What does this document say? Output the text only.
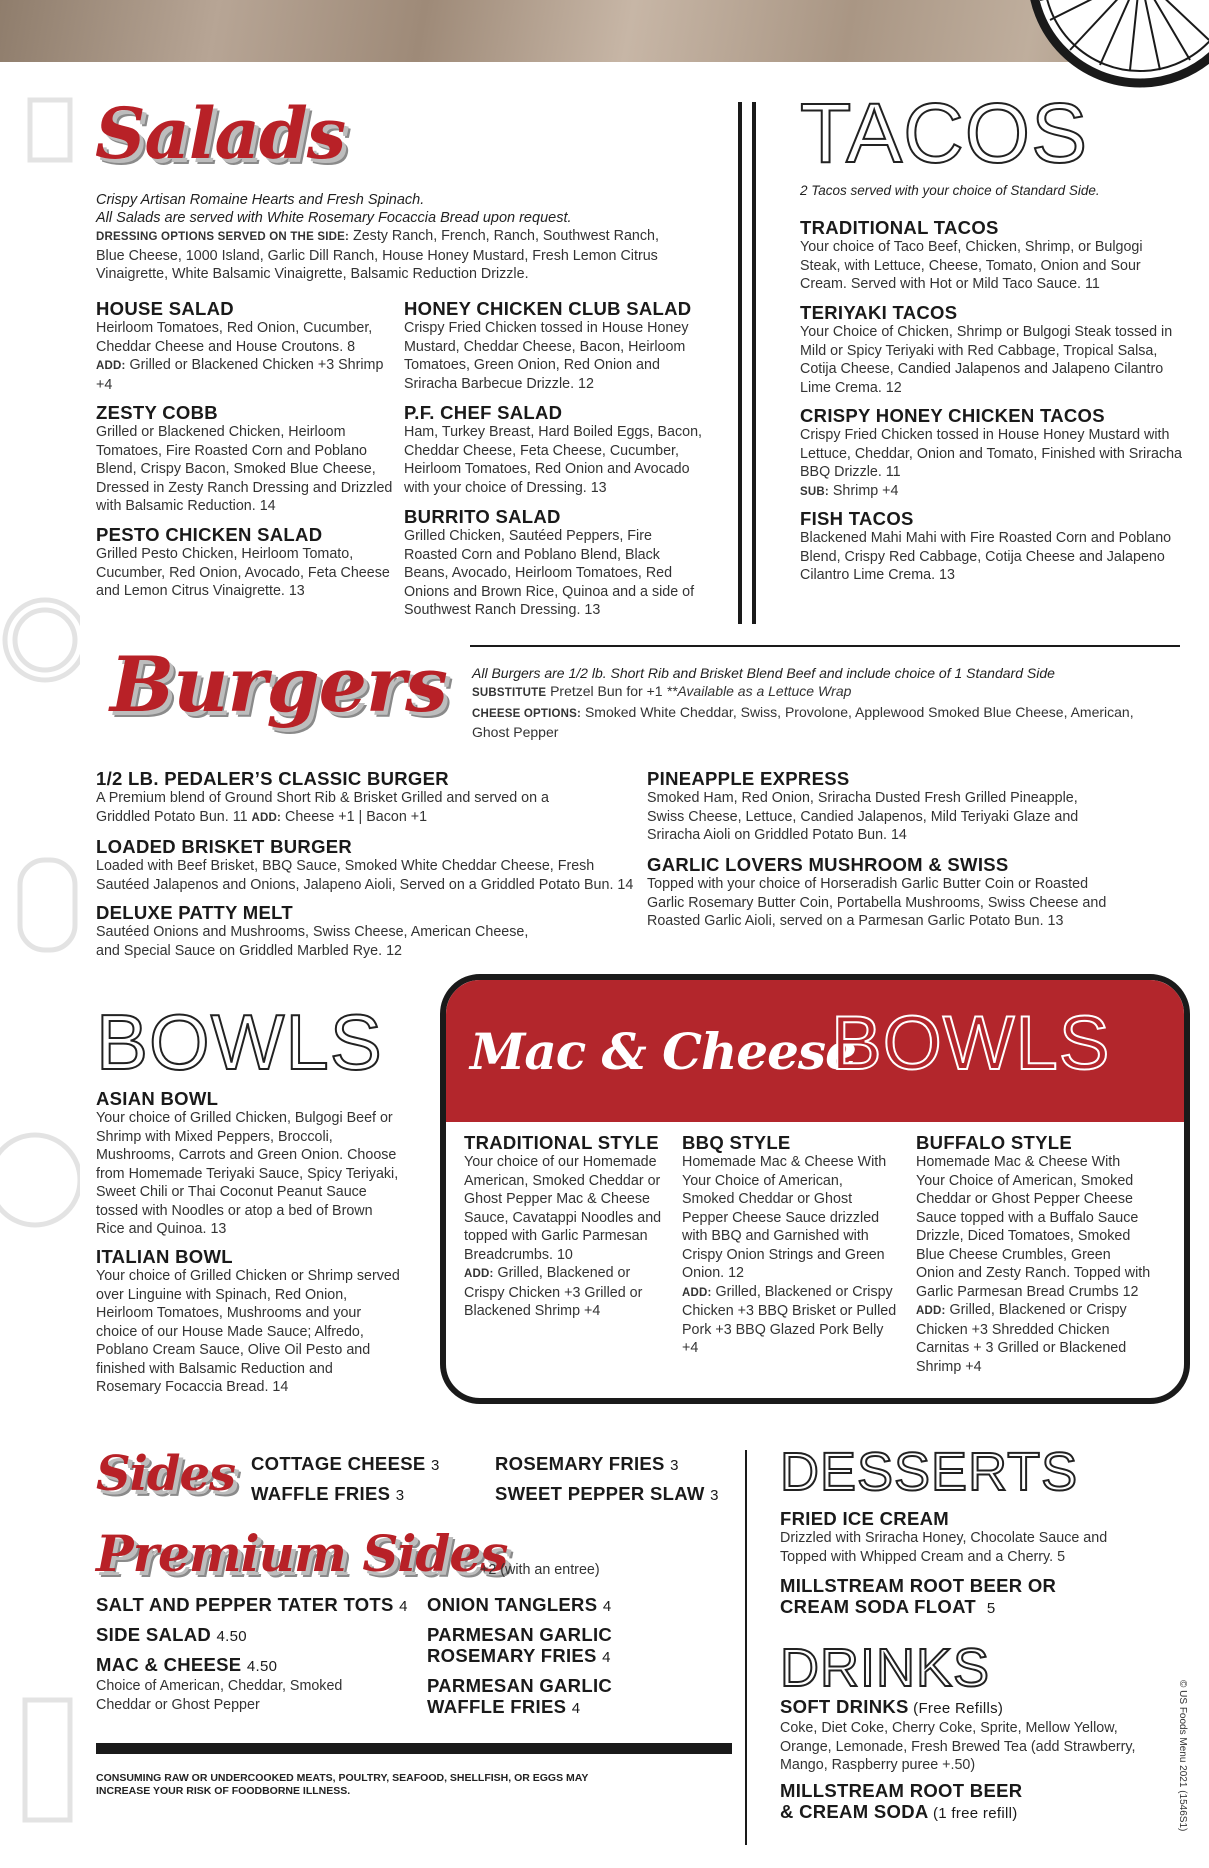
Salads
Crispy Artisan Romaine Hearts and Fresh Spinach.
All Salads are served with White Rosemary Focaccia Bread upon request.
DRESSING OPTIONS SERVED ON THE SIDE: Zesty Ranch, French, Ranch, Southwest Ranch, Blue Cheese, 1000 Island, Garlic Dill Ranch, House Honey Mustard, Fresh Lemon Citrus Vinaigrette, White Balsamic Vinaigrette, Balsamic Reduction Drizzle.
HOUSE SALAD
Heirloom Tomatoes, Red Onion, Cucumber, Cheddar Cheese and House Croutons. 8
ADD: Grilled or Blackened Chicken +3 Shrimp +4
ZESTY COBB
Grilled or Blackened Chicken, Heirloom Tomatoes, Fire Roasted Corn and Poblano Blend, Crispy Bacon, Smoked Blue Cheese, Dressed in Zesty Ranch Dressing and Drizzled with Balsamic Reduction. 14
PESTO CHICKEN SALAD
Grilled Pesto Chicken, Heirloom Tomato, Cucumber, Red Onion, Avocado, Feta Cheese and Lemon Citrus Vinaigrette. 13
HONEY CHICKEN CLUB SALAD
Crispy Fried Chicken tossed in House Honey Mustard, Cheddar Cheese, Bacon, Heirloom Tomatoes, Green Onion, Red Onion and Sriracha Barbecue Drizzle. 12
P.F. CHEF SALAD
Ham, Turkey Breast, Hard Boiled Eggs, Bacon, Cheddar Cheese, Feta Cheese, Cucumber, Heirloom Tomatoes, Red Onion and Avocado with your choice of Dressing. 13
BURRITO SALAD
Grilled Chicken, Sautéed Peppers, Fire Roasted Corn and Poblano Blend, Black Beans, Avocado, Heirloom Tomatoes, Red Onions and Brown Rice, Quinoa and a side of Southwest Ranch Dressing. 13
TACOS
2 Tacos served with your choice of Standard Side.
TRADITIONAL TACOS
Your choice of Taco Beef, Chicken, Shrimp, or Bulgogi Steak, with Lettuce, Cheese, Tomato, Onion and Sour Cream. Served with Hot or Mild Taco Sauce. 11
TERIYAKI TACOS
Your Choice of Chicken, Shrimp or Bulgogi Steak tossed in Mild or Spicy Teriyaki with Red Cabbage, Tropical Salsa, Cotija Cheese, Candied Jalapenos and Jalapeno Cilantro Lime Crema. 12
CRISPY HONEY CHICKEN TACOS
Crispy Fried Chicken tossed in House Honey Mustard with Lettuce, Cheddar, Onion and Tomato, Finished with Sriracha BBQ Drizzle. 11
SUB: Shrimp +4
FISH TACOS
Blackened Mahi Mahi with Fire Roasted Corn and Poblano Blend, Crispy Red Cabbage, Cotija Cheese and Jalapeno Cilantro Lime Crema. 13
Burgers All Burgers are 1/2 lb. Short Rib and Brisket Blend Beef and include choice of 1 Standard Side
SUBSTITUTE Pretzel Bun for +1 **Available as a Lettuce Wrap
CHEESE OPTIONS: Smoked White Cheddar, Swiss, Provolone, Applewood Smoked Blue Cheese, American, Ghost Pepper
1/2 LB. PEDALER’S CLASSIC BURGER
A Premium blend of Ground Short Rib & Brisket Grilled and served on a Griddled Potato Bun. 11 ADD: Cheese +1 | Bacon +1
LOADED BRISKET BURGER
Loaded with Beef Brisket, BBQ Sauce, Smoked White Cheddar Cheese, Fresh Sautéed Jalapenos and Onions, Jalapeno Aioli, Served on a Griddled Potato Bun. 14
DELUXE PATTY MELT
Sautéed Onions and Mushrooms, Swiss Cheese, American Cheese, and Special Sauce on Griddled Marbled Rye. 12
PINEAPPLE EXPRESS
Smoked Ham, Red Onion, Sriracha Dusted Fresh Grilled Pineapple, Swiss Cheese, Lettuce, Candied Jalapenos, Mild Teriyaki Glaze and Sriracha Aioli on Griddled Potato Bun. 14
GARLIC LOVERS MUSHROOM & SWISS
Topped with your choice of Horseradish Garlic Butter Coin or Roasted Garlic Rosemary Butter Coin, Portabella Mushrooms, Swiss Cheese and Roasted Garlic Aioli, served on a Parmesan Garlic Potato Bun. 13
BOWLS
ASIAN BOWL
Your choice of Grilled Chicken, Bulgogi Beef or Shrimp with Mixed Peppers, Broccoli, Mushrooms, Carrots and Green Onion. Choose from Homemade Teriyaki Sauce, Spicy Teriyaki, Sweet Chili or Thai Coconut Peanut Sauce tossed with Noodles or atop a bed of Brown Rice and Quinoa. 13
ITALIAN BOWL
Your choice of Grilled Chicken or Shrimp served over Linguine with Spinach, Red Onion, Heirloom Tomatoes, Mushrooms and your choice of our House Made Sauce; Alfredo, Poblano Cream Sauce, Olive Oil Pesto and finished with Balsamic Reduction and Rosemary Focaccia Bread. 14
Mac & Cheese
BOWLS
TRADITIONAL STYLE
Your choice of our Homemade American, Smoked Cheddar or Ghost Pepper Mac & Cheese Sauce, Cavatappi Noodles and topped with Garlic Parmesan Breadcrumbs. 10
ADD: Grilled, Blackened or Crispy Chicken +3 Grilled or Blackened Shrimp +4
BBQ STYLE
Homemade Mac & Cheese With Your Choice of American, Smoked Cheddar or Ghost Pepper Cheese Sauce drizzled with BBQ and Garnished with Crispy Onion Strings and Green Onion. 12
ADD: Grilled, Blackened or Crispy Chicken +3 BBQ Brisket or Pulled Pork +3 BBQ Glazed Pork Belly +4
BUFFALO STYLE
Homemade Mac & Cheese With Your Choice of American, Smoked Cheddar or Ghost Pepper Cheese Sauce topped with a Buffalo Sauce Drizzle, Diced Tomatoes, Smoked Blue Cheese Crumbles, Green Onion and Zesty Ranch. Topped with Garlic Parmesan Bread Crumbs 12
ADD: Grilled, Blackened or Crispy Chicken +3 Shredded Chicken Carnitas + 3 Grilled or Blackened Shrimp +4
Sides COTTAGE CHEESE 3
WAFFLE FRIES 3
ROSEMARY FRIES 3
SWEET PEPPER SLAW 3
Premium Sides
+2 (with an entree)
SALT AND PEPPER TATER TOTS 4
SIDE SALAD 4.50
MAC & CHEESE 4.50
Choice of American, Cheddar, Smoked Cheddar or Ghost Pepper
ONION TANGLERS 4
PARMESAN GARLIC
ROSEMARY FRIES 4
PARMESAN GARLIC
WAFFLE FRIES 4
CONSUMING RAW OR UNDERCOOKED MEATS, POULTRY, SEAFOOD, SHELLFISH, OR EGGS MAY INCREASE YOUR RISK OF FOODBORNE ILLNESS.
DESSERTS
FRIED ICE CREAM
Drizzled with Sriracha Honey, Chocolate Sauce and Topped with Whipped Cream and a Cherry. 5
MILLSTREAM ROOT BEER OR
CREAM SODA FLOAT 5
DRINKS
SOFT DRINKS (Free Refills)
Coke, Diet Coke, Cherry Coke, Sprite, Mellow Yellow, Orange, Lemonade, Fresh Brewed Tea (add Strawberry, Mango, Raspberry puree +.50)
MILLSTREAM ROOT BEER
& CREAM SODA (1 free refill)	© US Foods Menu 2021 (1546S1)
